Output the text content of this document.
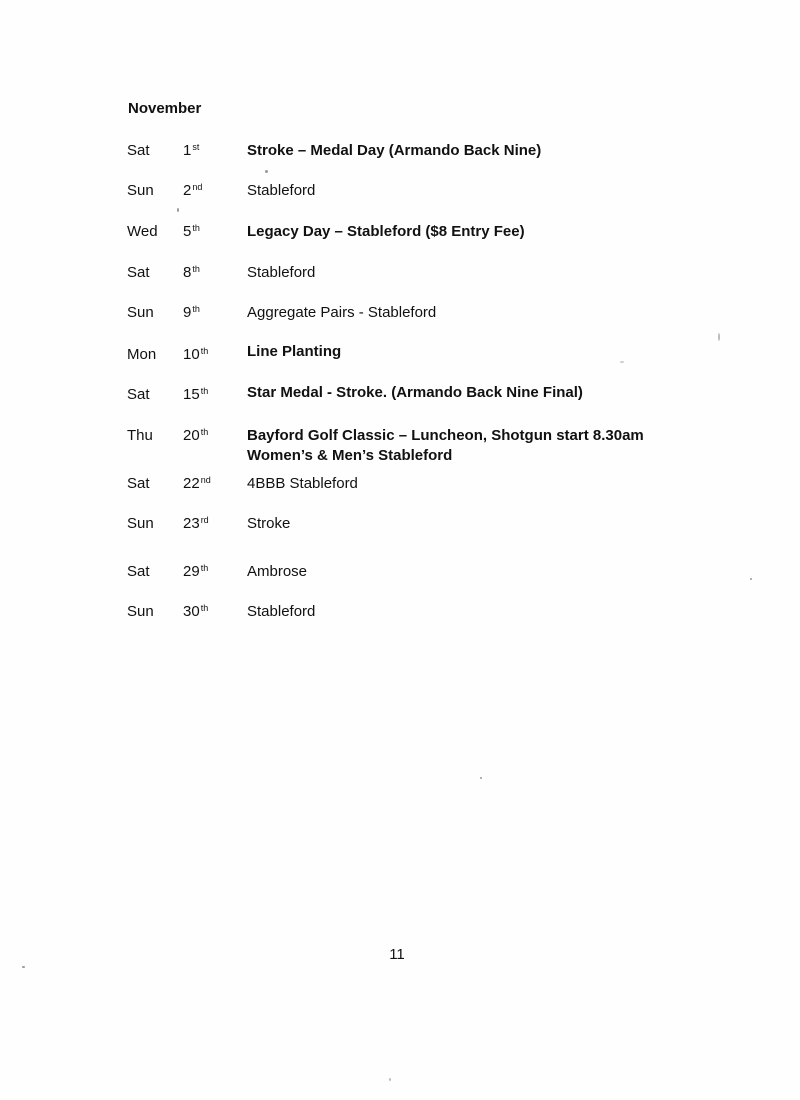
November
Sat 1st	Stroke – Medal Day (Armando Back Nine)
Sun 2nd	Stableford
Wed 5th	Legacy Day – Stableford ($8 Entry Fee)
Sat 8th	Stableford
Sun 9th	Aggregate Pairs - Stableford
Mon 10th	Line Planting
Sat 15th	Star Medal - Stroke. (Armando Back Nine Final)
Thu 20th	Bayford Golf Classic – Luncheon, Shotgun start 8.30am
Women’s & Men’s Stableford
Sat 22nd 4BBB Stableford
Sun 23rd	Stroke
Sat 29th	Ambrose
Sun 30th	Stableford
11
